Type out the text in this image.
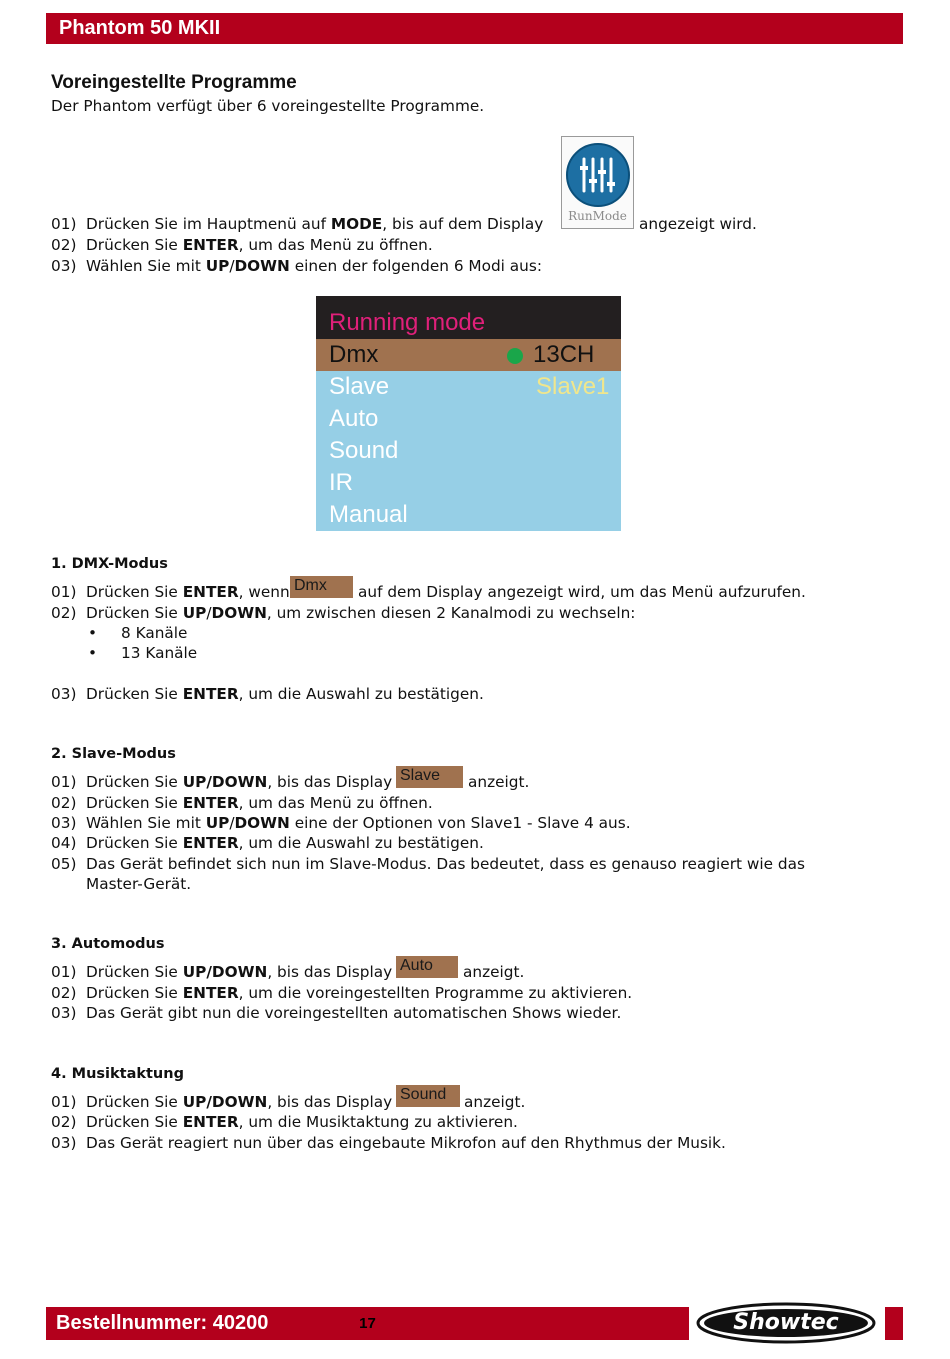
Phantom 50 MKII
Voreingestellte Programme
Der Phantom verfügt über 6 voreingestellte Programme.
RunMode
01) Drücken Sie im Hauptmenü auf MODE, bis auf dem Display	angezeigt wird.
02) Drücken Sie ENTER, um das Menü zu öffnen.
03) Wählen Sie mit UP/DOWN einen der folgenden 6 Modi aus:
Running mode
Dmx	13CH
Slave	Slave1
Auto
Sound
IR
Manual
1. DMX-Modus
01) Drücken Sie ENTER, wenn Dmx	auf dem Display angezeigt wird, um das Menü aufzurufen.
02) Drücken Sie UP/DOWN, um zwischen diesen 2 Kanalmodi zu wechseln:
• 8 Kanäle
• 13 Kanäle
03) Drücken Sie ENTER, um die Auswahl zu bestätigen.
2. Slave-Modus
01) Drücken Sie UP/DOWN, bis das Display Slave	anzeigt.
02) Drücken Sie ENTER, um das Menü zu öffnen.
03) Wählen Sie mit UP/DOWN eine der Optionen von Slave1 - Slave 4 aus.
04) Drücken Sie ENTER, um die Auswahl zu bestätigen.
05) Das Gerät befindet sich nun im Slave-Modus. Das bedeutet, dass es genauso reagiert wie das
Master-Gerät.
3. Automodus
01) Drücken Sie UP/DOWN, bis das Display Auto	anzeigt.
02) Drücken Sie ENTER, um die voreingestellten Programme zu aktivieren.
03) Das Gerät gibt nun die voreingestellten automatischen Shows wieder.
4. Musiktaktung
01) Drücken Sie UP/DOWN, bis das Display Sound	anzeigt.
02) Drücken Sie ENTER, um die Musiktaktung zu aktivieren.
03) Das Gerät reagiert nun über das eingebaute Mikrofon auf den Rhythmus der Musik.
Bestellnummer: 40200	17	Showtec
